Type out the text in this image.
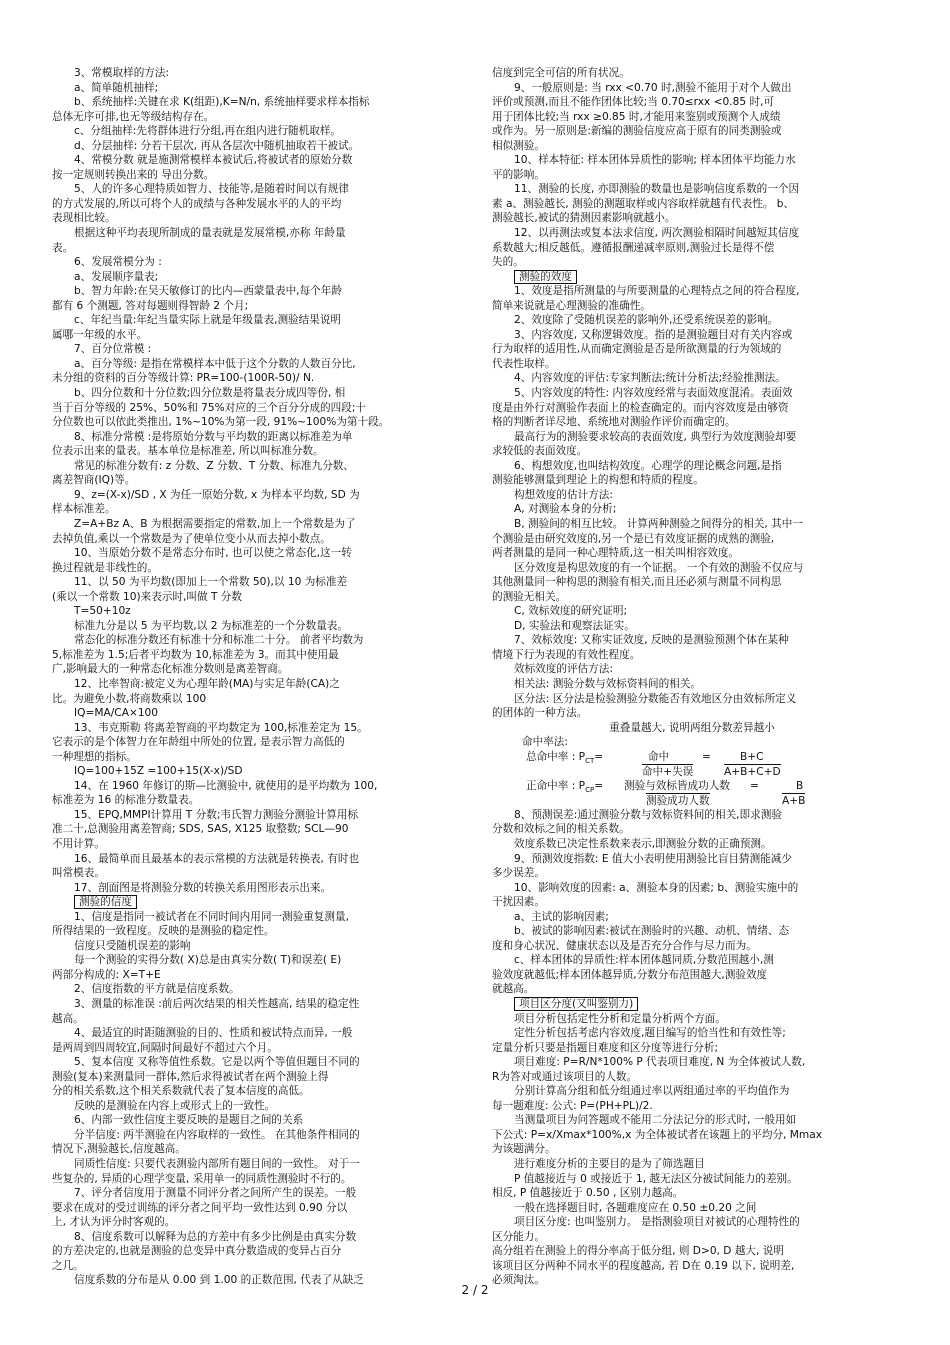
3、常模取样的方法:
a、简单随机抽样;
b、系统抽样:关键在求 K(组距),K=N/n, 系统抽样要求样本指标
总体无序可排,也无等级结构存在。
c、分组抽样:先将群体进行分组,再在组内进行随机取样。
d、分层抽样: 分若干层次, 再从各层次中随机抽取若干被试。
4、常模分数 就是施测常模样本被试后,将被试者的原始分数
按一定规则转换出来的 导出分数。
5、人的许多心理特质如智力、技能等,是随着时间以有规律
的方式发展的,所以可将个人的成绩与各种发展水平的人的平均
表现相比较。
根据这种平均表现所制成的量表就是发展常模,亦称 年龄量
表。
6、发展常模分为 :
a、发展顺序量表;
b、智力年龄:在吴天敏修订的比内—西蒙量表中,每个年龄
都有 6 个测题, 答对每题则得智龄 2 个月;
c、年纪当量:年纪当量实际上就是年级量表,测验结果说明
属哪一年级的水平。
7、百分位常模 :
a、百分等级: 是指在常模样本中低于这个分数的人数百分比,
未分组的资料的百分等级计算: PR=100-(100R-50)/ N.
b、四分位数和十分位数;四分位数是将量表分成四等份, 相
当于百分等级的 25%、50%和 75%对应的三个百分分成的四段;十
分位数也可以依此类推出, 1%~10%为第一段, 91%~100%为第十段。
8、标准分常模 :是将原始分数与平均数的距离以标准差为单
位表示出来的量表。基本单位是标准差, 所以叫标准分数。
常见的标准分数有: z 分数、Z 分数、T 分数、标准九分数、
离差智商(IQ)等。
9、z=(X-x)/SD , X 为任一原始分数, x 为样本平均数, SD 为
样本标准差。
Z=A+Bz A、B 为根据需要指定的常数,加上一个常数是为了
去掉负值,乘以一个常数是为了使单位变小从而去掉小数点。
10、当原始分数不是常态分布时, 也可以使之常态化,这一转
换过程就是非线性的。
11、以 50 为平均数(即加上一个常数 50),以 10 为标准差
(乘以一个常数 10)来表示时,叫做 T 分数
T=50+10z
标准九分是以 5 为平均数,以 2 为标准差的一个分数量表。
常态化的标准分数还有标准十分和标准二十分。 前者平均数为
5,标准差为 1.5;后者平均数为 10,标准差为 3。而其中使用最
广,影响最大的一种常态化标准分数则是离差智商。
12、比率智商:被定义为心理年龄(MA)与实足年龄(CA)之
比。为避免小数,将商数乘以 100
IQ=MA/CA×100
13、韦克斯勒 将离差智商的平均数定为 100,标准差定为 15。
它表示的是个体智力在年龄组中所处的位置, 是表示智力高低的
一种理想的指标。
IQ=100+15Z =100+15(X-x)/SD
14、在 1960 年修订的斯—比测验中, 就使用的是平均数为 100,
标准差为 16 的标准分数量表。
15、EPQ,MMPI计算用 T 分数;韦氏智力测验分测验计算用标
准二十,总测验用离差智商; SDS, SAS, X125 取整数; SCL—90
不用计算。
16、最简单而且最基本的表示常模的方法就是转换表, 有时也
叫常模表。
17、剖面图是将测验分数的转换关系用图形表示出来。
测验的信度
1、信度是指同一被试者在不同时间内用同一测验重复测量,
所得结果的一致程度。反映的是测验的稳定性。
信度只受随机误差的影响
每一个测验的实得分数( X)总是由真实分数( T)和误差( E)
两部分构成的: X=T+E
2、信度指数的平方就是信度系数。
3、测量的标准误 :前后两次结果的相关性越高, 结果的稳定性
越高。
4、最适宜的时距随测验的目的、性质和被试特点而异, 一般
是两周到四周较宜,间隔时间最好不超过六个月。
5、复本信度 又称等值性系数。它是以两个等值但题目不同的
测验(复本)来测量同一群体,然后求得被试者在两个测验上得
分的相关系数,这个相关系数就代表了复本信度的高低。
反映的是测验在内容上或形式上的一致性。
6、内部一致性信度主要反映的是题目之间的关系
分半信度: 两半测验在内容取样的一致性。 在其他条件相同的
情况下,测验越长,信度越高。
同质性信度: 只要代表测验内部所有题目间的一致性。 对于一
些复杂的, 异质的心理学变量, 采用单一的同质性测验时不行的。
7、评分者信度用于测量不同评分者之间所产生的误差。一般
要求在成对的受过训练的评分者之间平均一致性达到 0.90 分以
上, 才认为评分时客观的。
8、信度系数可以解释为总的方差中有多少比例是由真实分数
的方差决定的,也就是测验的总变异中真分数造成的变异占百分
之几。
信度系数的分布是从 0.00 到 1.00 的正数范围, 代表了从缺乏
信度到完全可信的所有状况。
9、一般原则是: 当 rxx <0.70 时,测验不能用于对个人做出
评价或预测,而且不能作团体比较;当 0.70≤rxx <0.85 时,可
用于团体比较;当 rxx ≥0.85 时,才能用来鉴别或预测个人成绩
或作为。另一原则是:新编的测验信度应高于原有的同类测验或
相似测验。
10、样本特征: 样本团体异质性的影响; 样本团体平均能力水
平的影响。
11、测验的长度, 亦即测验的数量也是影响信度系数的一个因
素 a、测验越长, 测验的测题取样或内容取样就越有代表性。 b、
测验越长,被试的猜测因素影响就越小。
12、以再测法或复本法求信度, 两次测验相隔时间越短其信度
系数越大;相反越低。遵循报酬递减率原则,测验过长是得不偿
失的。
测验的效度
1、效度是指所测量的与所要测量的心理特点之间的符合程度,
简单来说就是心理测验的准确性。
2、效度除了受随机误差的影响外,还受系统误差的影响。
3、内容效度, 又称逻辑效度。指的是测验题目对有关内容或
行为取样的适用性,从而确定测验是否是所欲测量的行为领域的
代表性取样。
4、内容效度的评估:专家判断法;统计分析法;经验推测法。
5、内容效度的特性: 内容效度经常与表面效度混淆。表面效
度是由外行对测验作表面上的检查确定的。而内容效度是由够资
格的判断者详尽地、系统地对测验作评价而确定的。
最高行为的测验要求较高的表面效度, 典型行为效度测验却要
求较低的表面效度。
6、构想效度,也叫结构效度。心理学的理论概念问题,是指
测验能够测量到理论上的构想和特质的程度。
构想效度的估计方法:
A, 对测验本身的分析;
B, 测验间的相互比较。 计算两种测验之间得分的相关, 其中一
个测验是由研究效度的,另一个是已有效度证据的成熟的测验,
两者测量的是同一种心理特质,这一相关叫相容效度。
区分效度是构思效度的有一个证据。 一个有效的测验不仅应与
其他测量同一种构思的测验有相关,而且还必须与测量不同构思
的测验无相关。
C, 效标效度的研究证明;
D, 实验法和观察法证实。
7、效标效度: 又称实证效度, 反映的是测验预测个体在某种
情境下行为表现的有效性程度。
效标效度的评估方法:
相关法: 测验分数与效标资料间的相关。
区分法: 区分法是检验测验分数能否有效地区分由效标所定义
的团体的一种方法。
重叠量越大, 说明两组分数差异越小
命中率法:
总命中率 : $P_{CT}=$	命中	=	B+C
命中+失误	A+B+C+D
正命中率 : $P_{CP}=$ 测验与效标皆成功人数 =	B
测验成功人数	A+B
8、预测误差:通过测验分数与效标资料间的相关,即求测验
分数和效标之间的相关系数。
效度系数已决定性系数来表示,即测验分数的正确预测。
9、预测效度指数: E 值大小表明使用测验比盲目猜测能减少
多少误差。
10、影响效度的因素: a、测验本身的因素; b、测验实施中的
干扰因素。
a、主试的影响因素;
b、被试的影响因素:被试在测验时的兴趣、动机、情绪、态
度和身心状况、健康状态以及是否充分合作与尽力而为。
c、样本团体的异质性:样本团体越同质,分数范围越小,测
验效度就越低;样本团体越异质,分数分布范围越大,测验效度
就越高。
项目区分度(又叫鉴别力)
项目分析包括定性分析和定量分析两个方面。
定性分析包括考虑内容效度,题目编写的恰当性和有效性等;
定量分析只要是指题目难度和区分度等进行分析;
项目难度: P=R/N*100% P 代表项目难度, N 为全体被试人数,
R为答对或通过该项目的人数。
分别计算高分组和低分组通过率以两组通过率的平均值作为
每一题难度: 公式: P=(PH+PL)/2.
当测量项目为问答题或不能用二分法记分的形式时, 一般用如
下公式: P=x/Xmax*100%,x 为全体被试者在该题上的平均分, Mmax
为该题满分。
进行难度分析的主要目的是为了筛选题目
P 值越接近与 0 或接近于 1, 越无法区分被试间能力的差别。
相反, P 值越接近于 0.50 , 区别力越高。
一般在选择题目时, 各题难度应在 0.50 ±0.20 之间
项目区分度: 也叫鉴别力。 是指测验项目对被试的心理特性的
区分能力。
高分组若在测验上的得分率高于低分组, 则 D>0, D 越大, 说明
该项目区分两种不同水平的程度越高, 若 D在 0.19 以下, 说明差,
必须淘汰。
2 / 2
